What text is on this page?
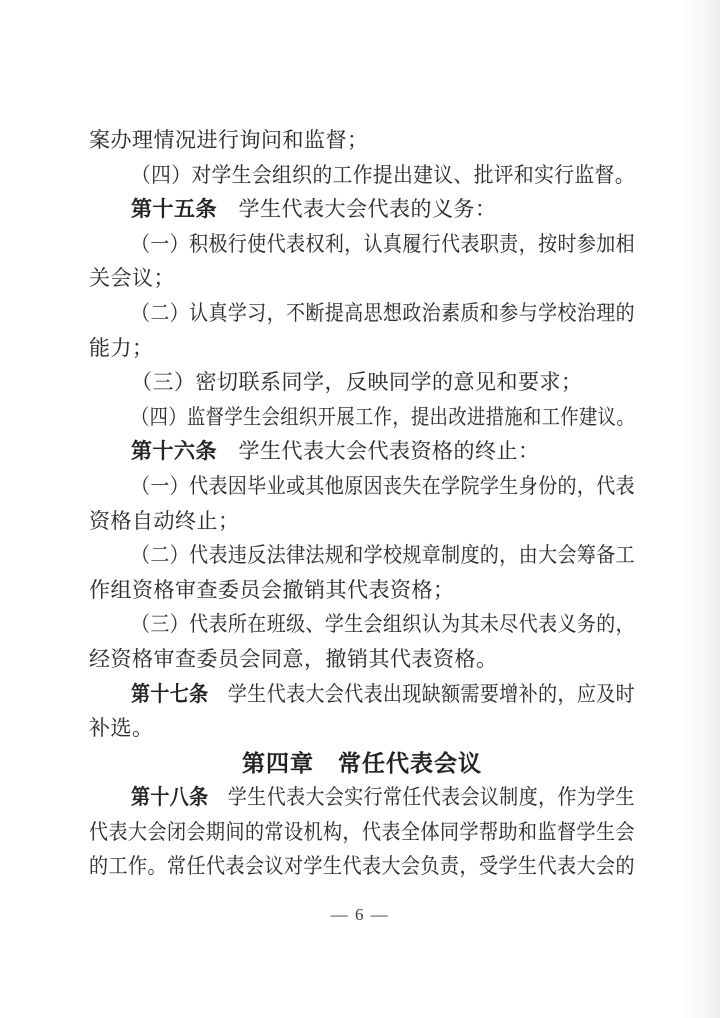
案办理情况进行询问和监督；
（四）对学生会组织的工作提出建议、批评和实行监督。
第十五条　学生代表大会代表的义务：
（一）积极行使代表权利，认真履行代表职责，按时参加相
关会议；
（二）认真学习，不断提高思想政治素质和参与学校治理的
能力；
（三）密切联系同学，反映同学的意见和要求；
（四）监督学生会组织开展工作，提出改进措施和工作建议。
第十六条　学生代表大会代表资格的终止：
（一）代表因毕业或其他原因丧失在学院学生身份的，代表
资格自动终止；
（二）代表违反法律法规和学校规章制度的，由大会筹备工
作组资格审查委员会撤销其代表资格；
（三）代表所在班级、学生会组织认为其未尽代表义务的，
经资格审查委员会同意，撤销其代表资格。
第十七条　学生代表大会代表出现缺额需要增补的，应及时
补选。
第四章　常任代表会议
第十八条　学生代表大会实行常任代表会议制度，作为学生
代表大会闭会期间的常设机构，代表全体同学帮助和监督学生会
的工作。常任代表会议对学生代表大会负责，受学生代表大会的
— 6 —
